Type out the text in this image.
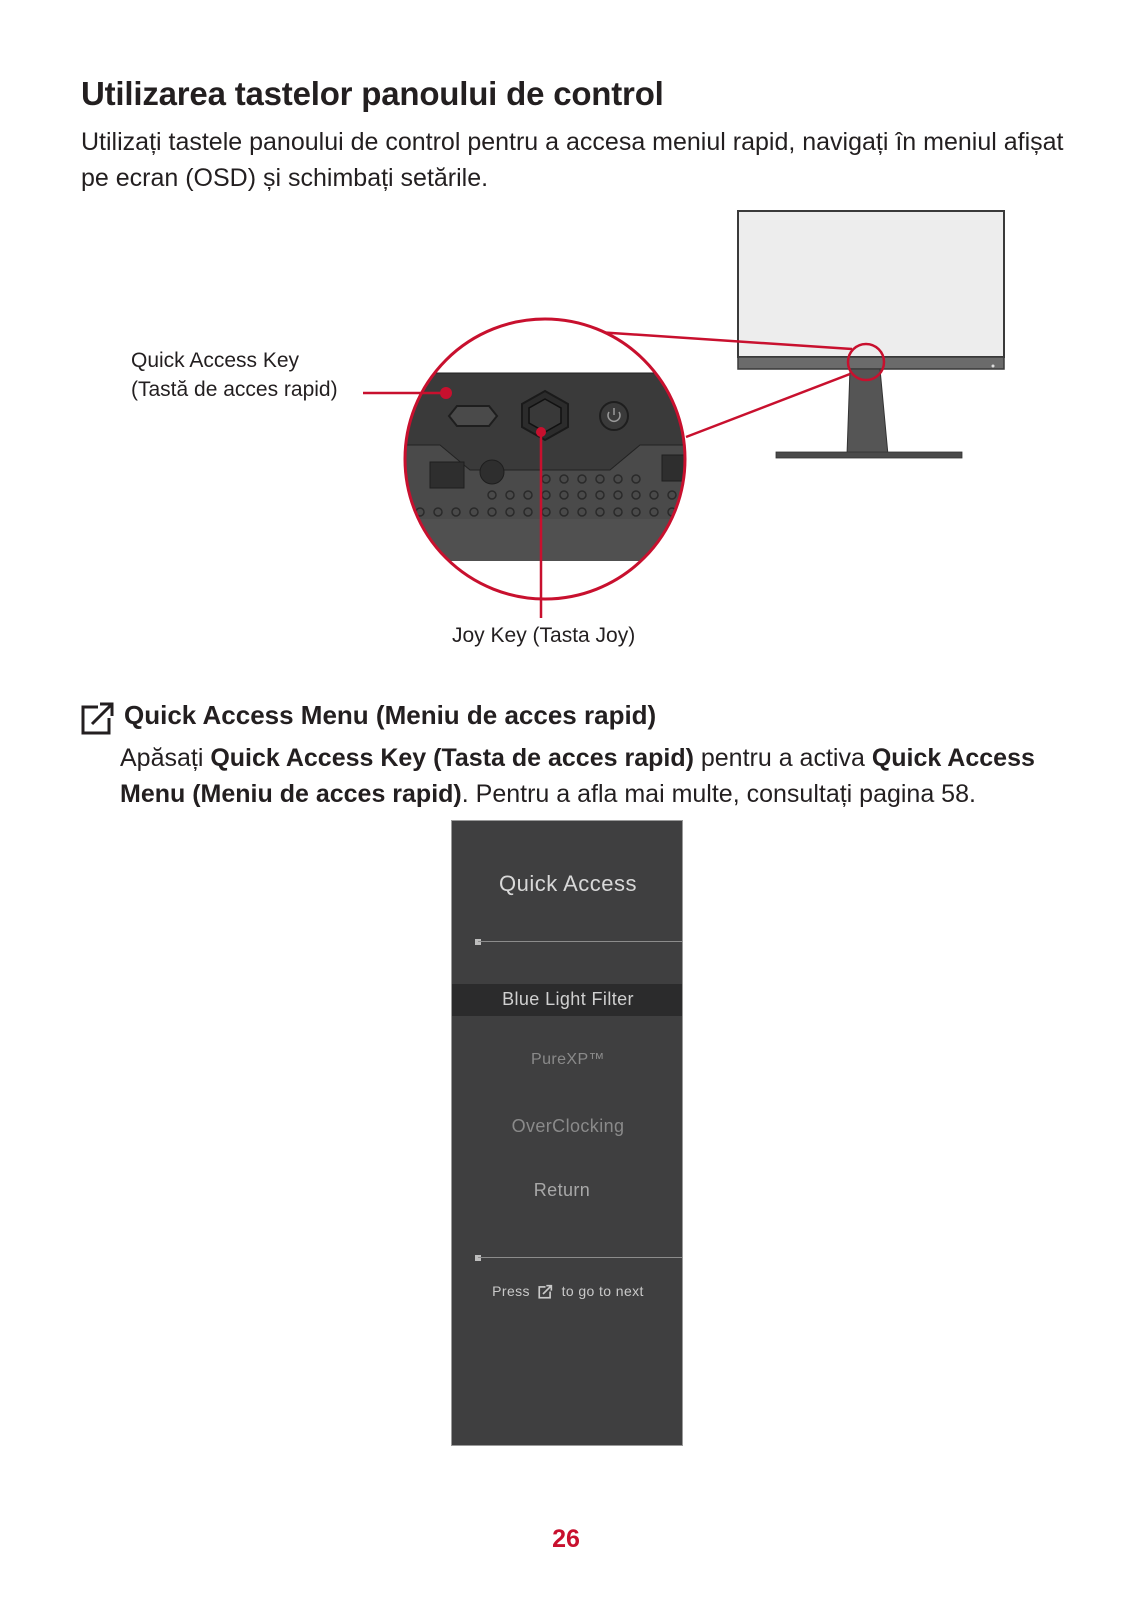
Utilizarea tastelor panoului de control

Utilizați tastele panoului de control pentru a accesa meniul rapid, navigați în meniul afișat pe ecran (OSD) și schimbați setările.

Quick Access Key

(Tastă de acces rapid)

Joy Key (Tasta Joy)

Quick Access Menu (Meniu de acces rapid)

Apăsați Quick Access Key (Tasta de acces rapid) pentru a activa Quick Access Menu (Meniu de acces rapid). Pentru a afla mai multe, consultați pagina 58.

Quick Access
Blue Light Filter
PureXP™
OverClocking
Return
Press to go to next
26
